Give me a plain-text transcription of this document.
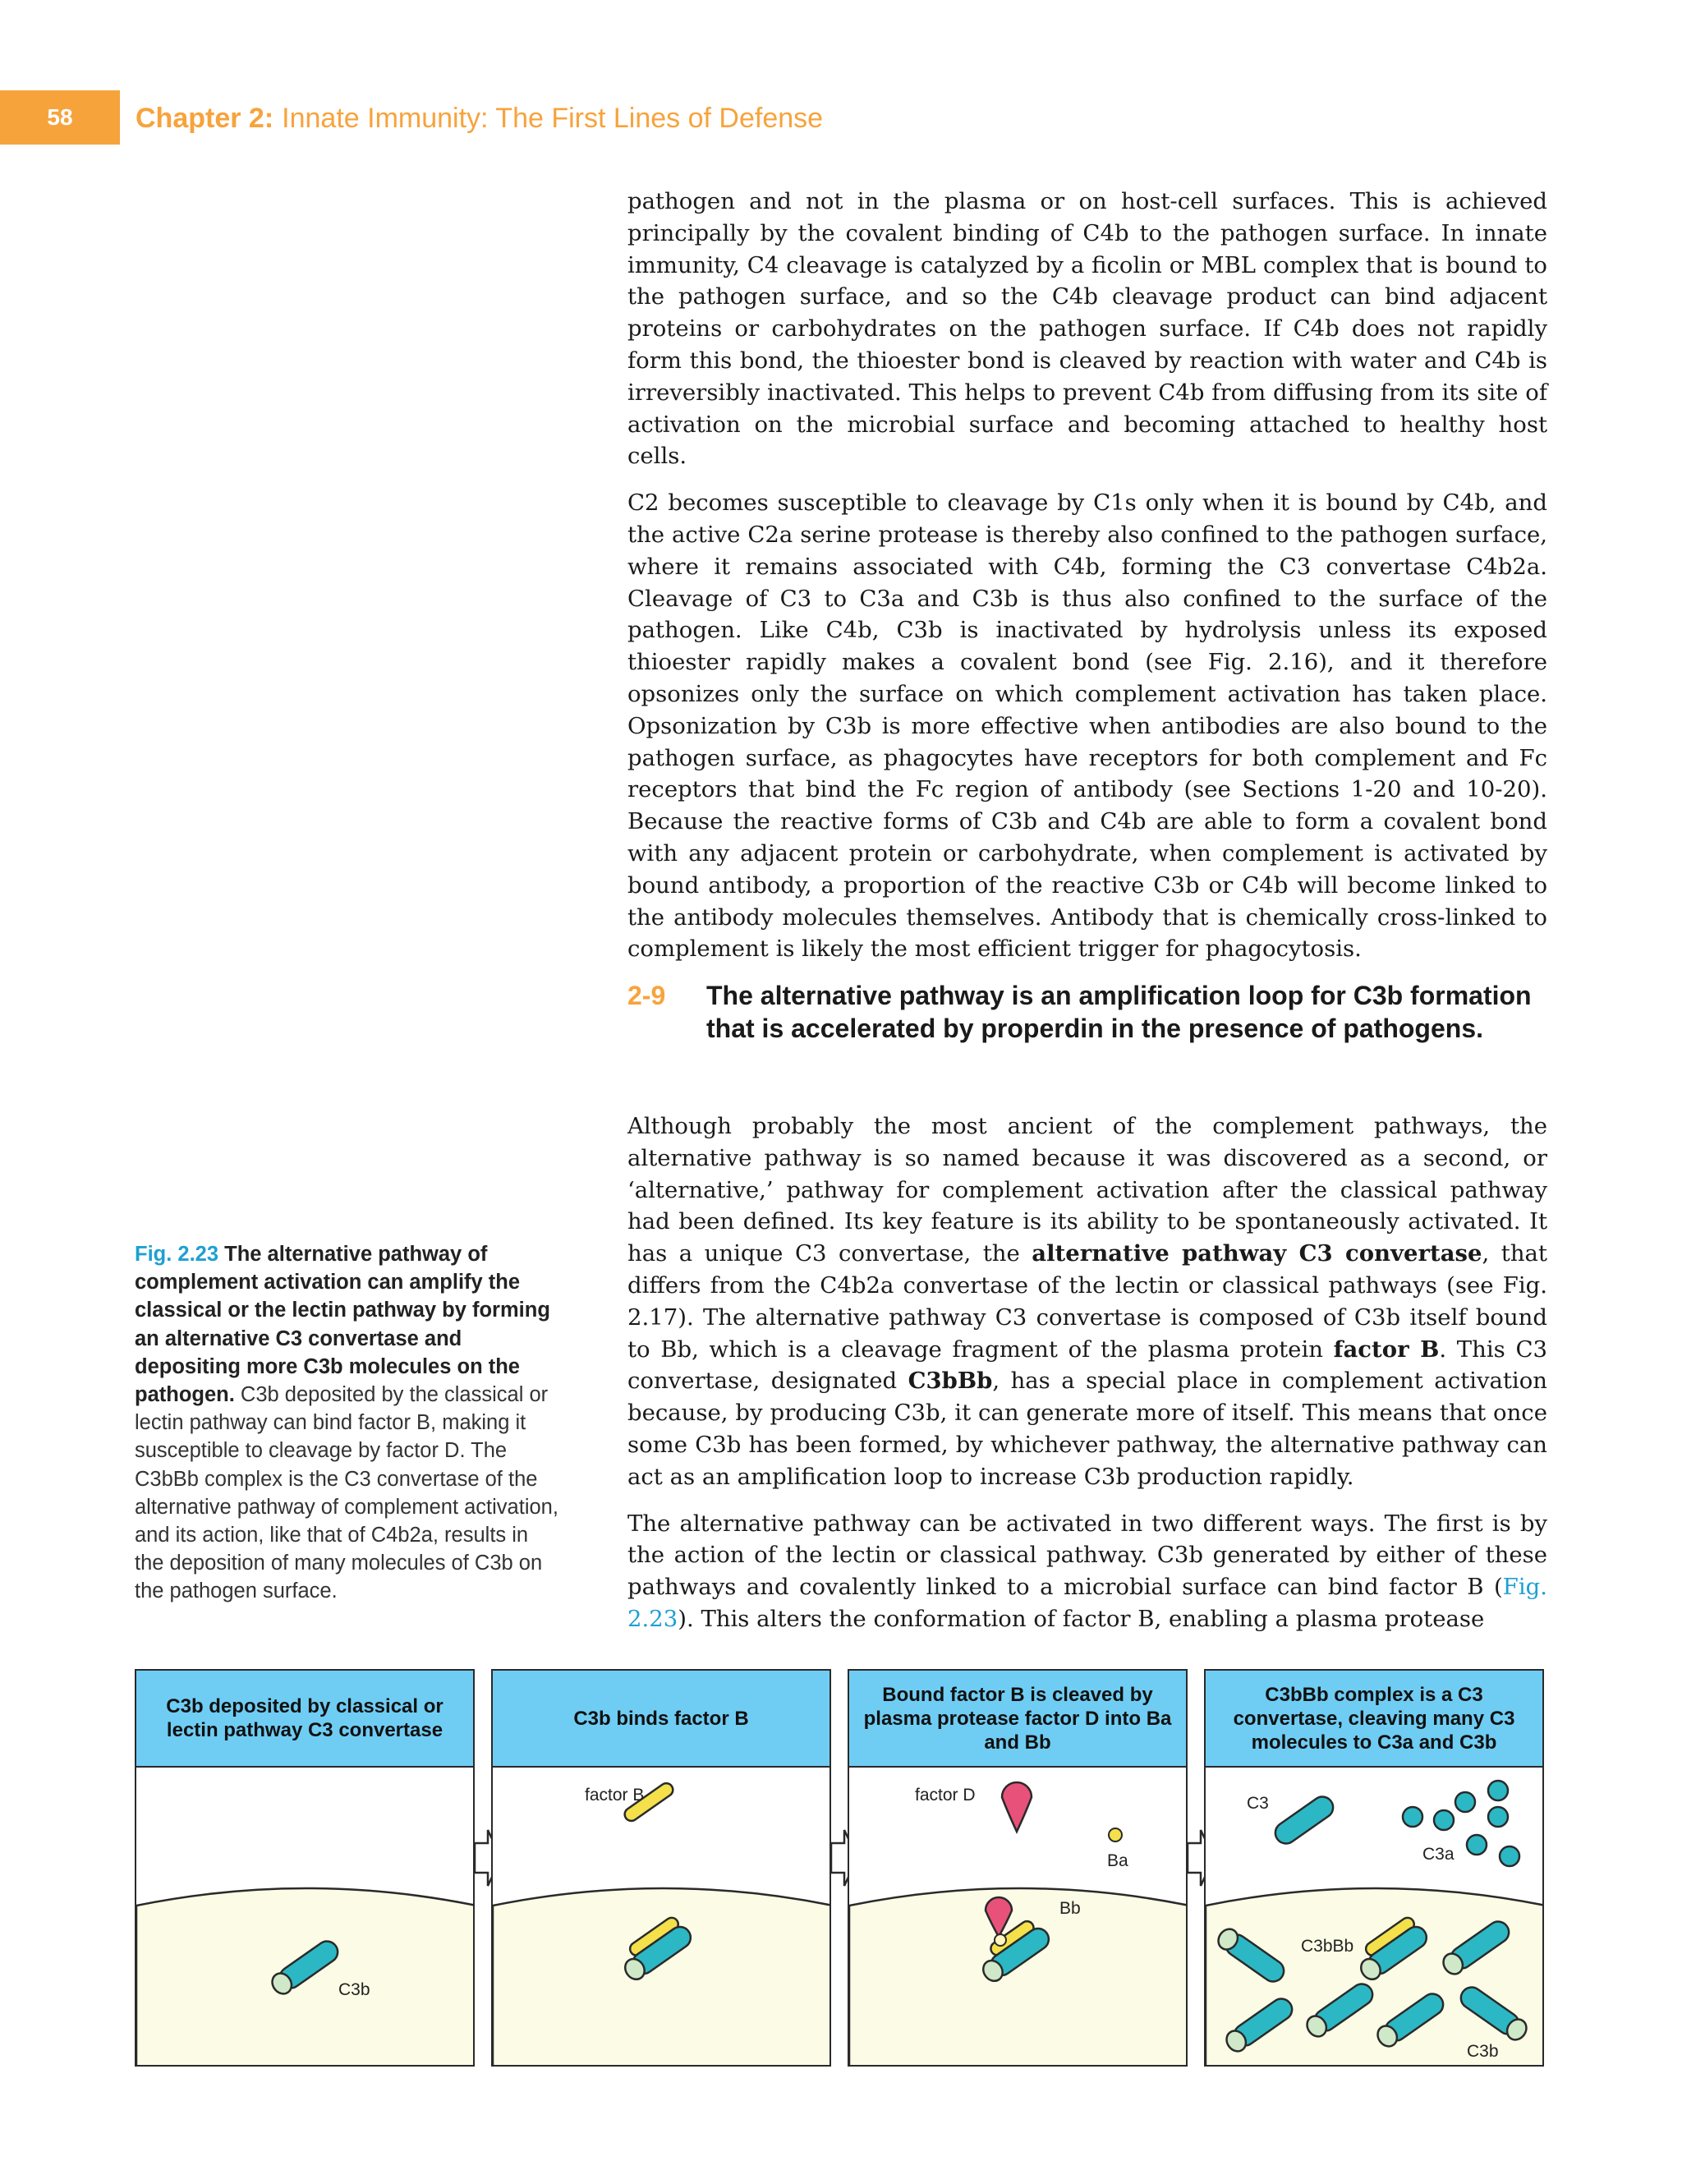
58	Chapter 2: Innate Immunity: The First Lines of Defense

pathogen and not in the plasma or on host-cell surfaces. This is achieved principally by the covalent binding of C4b to the pathogen surface. In innate immunity, C4 cleavage is catalyzed by a ficolin or MBL complex that is bound to the pathogen surface, and so the C4b cleavage product can bind adjacent proteins or carbohydrates on the pathogen surface. If C4b does not rapidly form this bond, the thioester bond is cleaved by reaction with water and C4b is irreversibly inactivated. This helps to prevent C4b from diffusing from its site of activation on the microbial surface and becoming attached to healthy host cells.

C2 becomes susceptible to cleavage by C1s only when it is bound by C4b, and the active C2a serine protease is thereby also confined to the pathogen surface, where it remains associated with C4b, forming the C3 convertase C4b2a. Cleavage of C3 to C3a and C3b is thus also confined to the surface of the pathogen. Like C4b, C3b is inactivated by hydrolysis unless its exposed thioester rapidly makes a covalent bond (see Fig. 2.16), and it therefore opsonizes only the surface on which complement activation has taken place. Opsonization by C3b is more effective when antibodies are also bound to the pathogen surface, as phagocytes have receptors for both complement and Fc receptors that bind the Fc region of antibody (see Sections 1-20 and 10-20). Because the reactive forms of C3b and C4b are able to form a covalent bond with any adjacent protein or carbohydrate, when complement is activated by bound antibody, a proportion of the reactive C3b or C4b will become linked to the antibody molecules themselves. Antibody that is chemically cross-linked to complement is likely the most efficient trigger for phagocytosis.

2-9	The alternative pathway is an amplification loop for C3b formation that is accelerated by properdin in the presence of pathogens.

Although probably the most ancient of the complement pathways, the alternative pathway is so named because it was discovered as a second, or ‘alternative,’ pathway for complement activation after the classical pathway had been defined. Its key feature is its ability to be spontaneously activated. It has a unique C3 convertase, the alternative pathway C3 convertase, that differs from the C4b2a convertase of the lectin or classical pathways (see Fig. 2.17). The alternative pathway C3 convertase is composed of C3b itself bound to Bb, which is a cleavage fragment of the plasma protein factor B. This C3 convertase, designated C3bBb, has a special place in complement activation because, by producing C3b, it can generate more of itself. This means that once some C3b has been formed, by whichever pathway, the alternative pathway can act as an amplification loop to increase C3b production rapidly.

The alternative pathway can be activated in two different ways. The first is by the action of the lectin or classical pathway. C3b generated by either of these pathways and covalently linked to a microbial surface can bind factor B (Fig. 2.23). This alters the conformation of factor B, enabling a plasma protease

Fig. 2.23 The alternative pathway of complement activation can amplify the classical or the lectin pathway by forming an alternative C3 convertase and depositing more C3b molecules on the pathogen. C3b deposited by the classical or lectin pathway can bind factor B, making it susceptible to cleavage by factor D. The C3bBb complex is the C3 convertase of the alternative pathway of complement activation, and its action, like that of C4b2a, results in the deposition of many molecules of C3b on the pathogen surface.
C3b deposited by classical or lectin pathway C3 convertase
C3b
C3b binds factor B
factor B
Bound factor B is cleaved by plasma protease factor D into Ba and Bb
factor D
Ba
Bb
C3bBb complex is a C3 convertase, cleaving many C3 molecules to C3a and C3b
C3
C3a
C3bBb
C3b
